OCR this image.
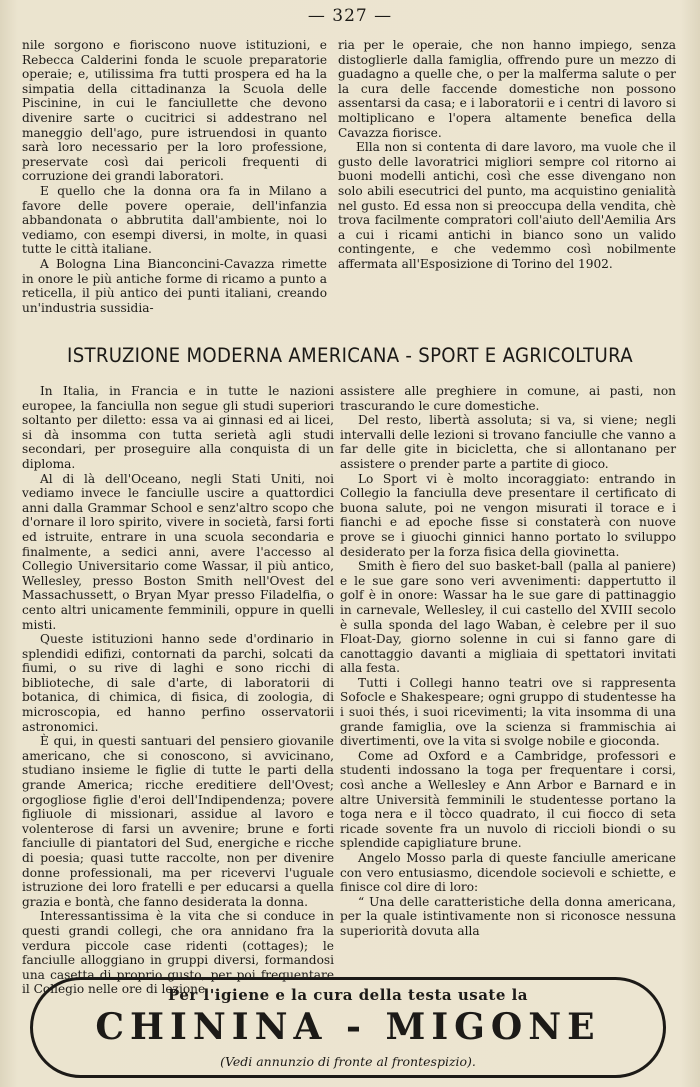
— 327 —

nile sorgono e fioriscono nuove istituzioni, e Rebecca Calderini fonda le scuole preparatorie operaie; e, utilissima fra tutti prospera ed ha la simpatia della cittadinanza la Scuola delle Piscinine, in cui le fanciullette che devono divenire sarte o cucitrici si addestrano nel maneggio dell'ago, pure istruendosi in quanto sarà loro necessario per la loro professione, preservate così dai pericoli frequenti di corruzione dei grandi laboratori.

E quello che la donna ora fa in Milano a favore delle povere operaie, dell'infanzia abbandonata o abbrutita dall'ambiente, noi lo vediamo, con esempi diversi, in molte, in quasi tutte le città italiane.

A Bologna Lina Bianconcini-Cavazza rimette in onore le più antiche forme di ricamo a punto a reticella, il più antico dei punti italiani, creando un'industria sussidia-

ria per le operaie, che non hanno impiego, senza distoglierle dalla famiglia, offrendo pure un mezzo di guadagno a quelle che, o per la malferma salute o per la cura delle faccende domestiche non possono assentarsi da casa; e i laboratorii e i centri di lavoro si moltiplicano e l'opera altamente benefica della Cavazza fiorisce.

Ella non si contenta di dare lavoro, ma vuole che il gusto delle lavoratrici migliori sempre col ritorno ai buoni modelli antichi, così che esse divengano non solo abili esecutrici del punto, ma acquistino genialità nel gusto. Ed essa non si preoccupa della vendita, chè trova facilmente compratori coll'aiuto dell'Aemilia Ars a cui i ricami antichi in bianco sono un valido contingente, e che vedemmo così nobilmente affermata all'Esposizione di Torino del 1902.

ISTRUZIONE MODERNA AMERICANA - SPORT E AGRICOLTURA

In Italia, in Francia e in tutte le nazioni europee, la fanciulla non segue gli studi superiori soltanto per diletto: essa va ai ginnasi ed ai licei, si dà insomma con tutta serietà agli studi secondari, per proseguire alla conquista di un diploma.

Al di là dell'Oceano, negli Stati Uniti, noi vediamo invece le fanciulle uscire a quattordici anni dalla Grammar School e senz'altro scopo che d'ornare il loro spirito, vivere in società, farsi forti ed istruite, entrare in una scuola secondaria e finalmente, a sedici anni, avere l'accesso al Collegio Universitario come Wassar, il più antico, Wellesley, presso Boston Smith nell'Ovest del Massachussett, o Bryan Myar presso Filadelfia, o cento altri unicamente femminili, oppure in quelli misti.

Queste istituzioni hanno sede d'ordinario in splendidi edifizi, contornati da parchi, solcati da fiumi, o su rive di laghi e sono ricchi di biblioteche, di sale d'arte, di laboratorii di botanica, di chimica, di fisica, di zoologia, di microscopia, ed hanno perfino osservatorii astronomici.

È qui, in questi santuari del pensiero giovanile americano, che si conoscono, si avvicinano, studiano insieme le figlie di tutte le parti della grande America; ricche ereditiere dell'Ovest; orgogliose figlie d'eroi dell'Indipendenza; povere figliuole di missionari, assidue al lavoro e volenterose di farsi un avvenire; brune e forti fanciulle di piantatori del Sud, energiche e ricche di poesia; quasi tutte raccolte, non per divenire donne professionali, ma per ricevervi l'uguale istruzione dei loro fratelli e per educarsi a quella grazia e bontà, che fanno desiderata la donna.

Interessantissima è la vita che si conduce in questi grandi collegi, che ora annidano fra la verdura piccole case ridenti (cottages); le fanciulle alloggiano in gruppi diversi, formandosi una casetta di proprio gusto, per poi frequentare il Collegio nelle ore di lezione,

assistere alle preghiere in comune, ai pasti, non trascurando le cure domestiche.

Del resto, libertà assoluta; si va, si viene; negli intervalli delle lezioni si trovano fanciulle che vanno a far delle gite in bicicletta, che si allontanano per assistere o prender parte a partite di gioco.

Lo Sport vi è molto incoraggiato: entrando in Collegio la fanciulla deve presentare il certificato di buona salute, poi ne vengon misurati il torace e i fianchi e ad epoche fisse si constaterà con nuove prove se i giuochi ginnici hanno portato lo sviluppo desiderato per la forza fisica della giovinetta.

Smith è fiero del suo basket-ball (palla al paniere) e le sue gare sono veri avvenimenti: dappertutto il golf è in onore: Wassar ha le sue gare di pattinaggio in carnevale, Wellesley, il cui castello del XVIII secolo è sulla sponda del lago Waban, è celebre per il suo Float-Day, giorno solenne in cui si fanno gare di canottaggio davanti a migliaia di spettatori invitati alla festa.

Tutti i Collegi hanno teatri ove si rappresenta Sofocle e Shakespeare; ogni gruppo di studentesse ha i suoi thés, i suoi ricevimenti; la vita insomma di una grande famiglia, ove la scienza si frammischia ai divertimenti, ove la vita si svolge nobile e gioconda.

Come ad Oxford e a Cambridge, professori e studenti indossano la toga per frequentare i corsi, così anche a Wellesley e Ann Arbor e Barnard e in altre Università femminili le studentesse portano la toga nera e il tòcco quadrato, il cui fiocco di seta ricade sovente fra un nuvolo di riccioli biondi o su splendide capigliature brune.

Angelo Mosso parla di queste fanciulle americane con vero entusiasmo, dicendole socievoli e schiette, e finisce col dire di loro:

“ Una delle caratteristiche della donna americana, per la quale istintivamente non si riconosce nessuna superiorità dovuta alla

Per l'igiene e la cura della testa usate la
CHININA - MIGONE
(Vedi annunzio di fronte al frontespizio).
